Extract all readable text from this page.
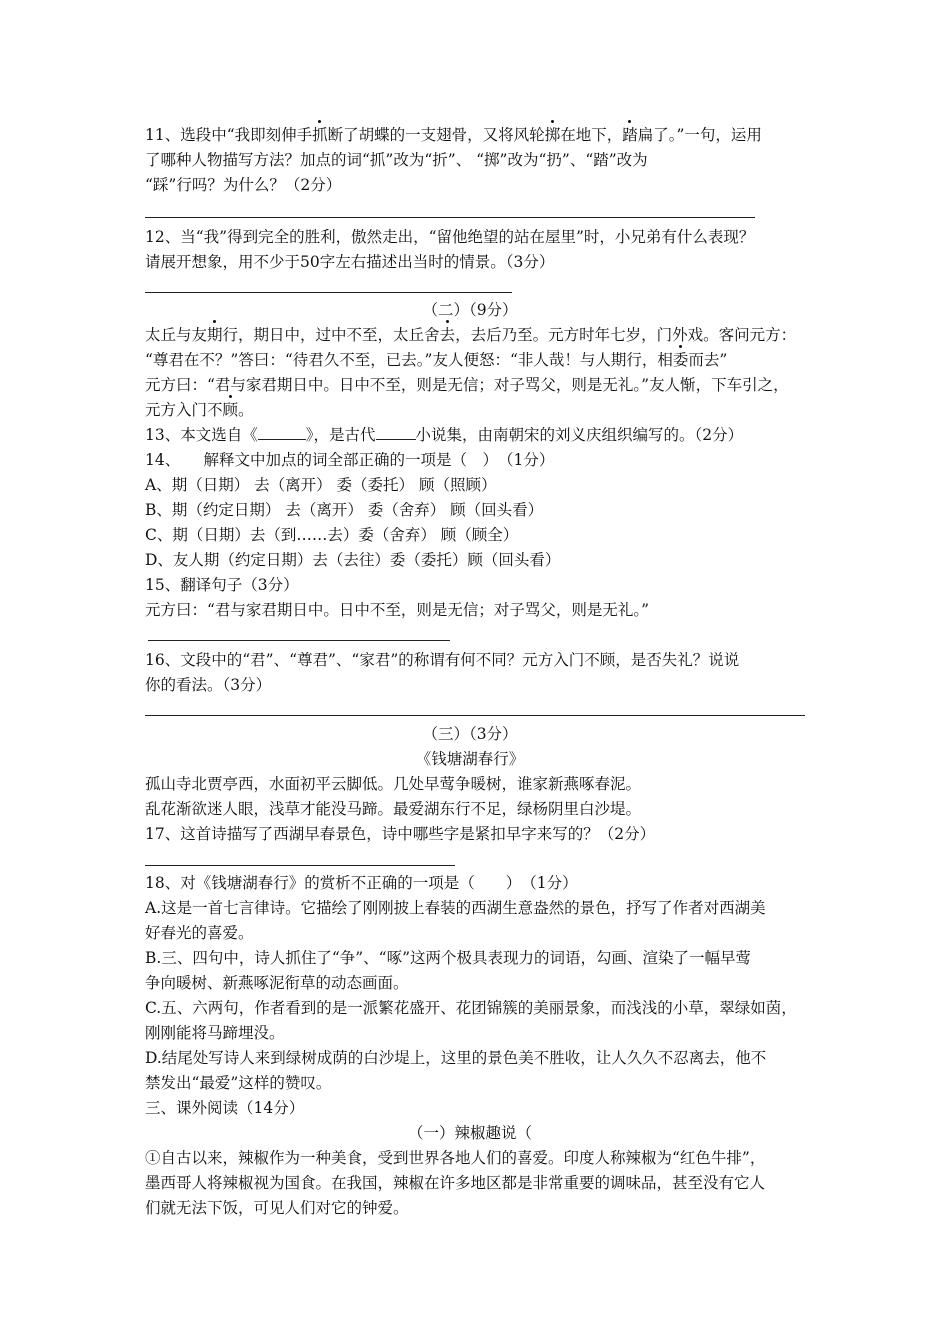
11、选段中“我即刻伸手抓断了胡蝶的一支翅骨，又将风轮掷在地下，踏扁了。”一句，运用
了哪种人物描写方法？加点的词“抓”改为“折”、 “掷”改为“扔”、“踏”改为
“踩”行吗？为什么？（2分）
12、当“我”得到完全的胜利，傲然走出，“留他绝望的站在屋里”时，小兄弟有什么表现？
请展开想象，用不少于50字左右描述出当时的情景。（3分）
（二）（9分）
太丘与友期行，期日中，过中不至，太丘舍去，去后乃至。元方时年七岁，门外戏。客问元方：
“尊君在不？”答曰：“待君久不至，已去。”友人便怒：“非人哉！与人期行，相委而去”
元方曰：“君与家君期日中。日中不至，则是无信；对子骂父，则是无礼。”友人惭，下车引之，
元方入门不顾。
13、本文选自《	》，是古代	小说集，由南朝宋的刘义庆组织编写的。（2分）
14、　　解释文中加点的词全部正确的一项是（　）　（1分）
A、期（日期） 去（离开） 委（委托） 顾（照顾）
B、期（约定日期） 去（离开） 委（舍弃） 顾（回头看）
C、期（日期）去（到……去）委（舍弃） 顾（顾全）
D、友人期（约定日期）去（去往）委（委托）顾（回头看）
15、翻译句子（3分）
元方曰：“君与家君期日中。日中不至，则是无信；对子骂父，则是无礼。”
16、文段中的“君”、“尊君”、“家君”的称谓有何不同？元方入门不顾，是否失礼？说说
你的看法。（3分）
（三）（3分）
《钱塘湖春行》
孤山寺北贾亭西，水面初平云脚低。几处早莺争暖树，谁家新燕啄春泥。
乱花渐欲迷人眼，浅草才能没马蹄。最爱湖东行不足，绿杨阴里白沙堤。
17、这首诗描写了西湖早春景色，诗中哪些字是紧扣早字来写的？（2分）
18、对《钱塘湖春行》的赏析不正确的一项是（　　）　（1分）
A.这是一首七言律诗。它描绘了刚刚披上春装的西湖生意盎然的景色，抒写了作者对西湖美
好春光的喜爱。
B.三、四句中，诗人抓住了“争”、“啄”这两个极具表现力的词语，勾画、渲染了一幅早莺
争向暖树、新燕啄泥衔草的动态画面。
C.五、六两句，作者看到的是一派繁花盛开、花团锦簇的美丽景象，而浅浅的小草，翠绿如茵，
刚刚能将马蹄埋没。
D.结尾处写诗人来到绿树成荫的白沙堤上，这里的景色美不胜收，让人久久不忍离去，他不
禁发出“最爱”这样的赞叹。
三、课外阅读（14分）
（一）辣椒趣说（
①自古以来，辣椒作为一种美食，受到世界各地人们的喜爱。印度人称辣椒为“红色牛排”，
墨西哥人将辣椒视为国食。在我国，辣椒在许多地区都是非常重要的调味品，甚至没有它人
们就无法下饭，可见人们对它的钟爱。
